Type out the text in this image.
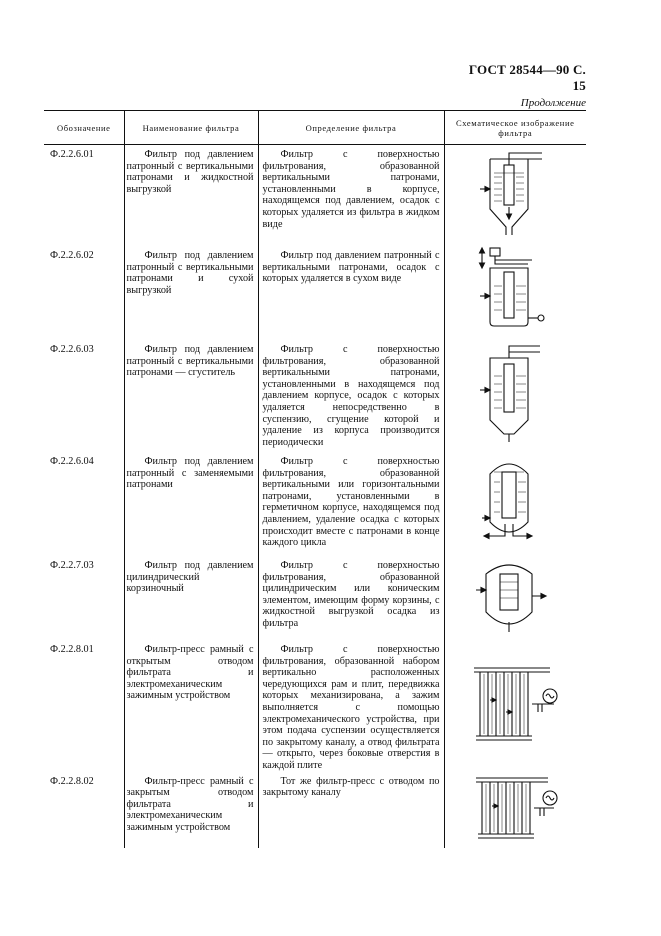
ГОСТ 28544—90 С. 15
Продолжение
Обозначение	Наименование фильтра	Определение фильтра	Схематическое изображение фильтра
Ф.2.2.6.01	Фильтр под давлением патронный с вертикальными патронами и жидкостной выгрузкой	Фильтр с поверхностью фильтрования, образованной вертикальными патронами, установленными в корпусе, находящемся под давлением, осадок с которых удаляется из фильтра в жидком виде	

Ф.2.2.6.02	Фильтр под давлением патронный с вертикальными патронами и сухой выгрузкой	Фильтр под давлением патронный с вертикальными патронами, осадок с которых удаляется в сухом виде	

Ф.2.2.6.03	Фильтр под давлением патронный с вертикальными патронами — сгуститель	Фильтр с поверхностью фильтрования, образованной вертикальными патронами, установленными в находящемся под давлением корпусе, осадок с которых удаляется непосредственно в суспензию, сгущение которой и удаление из корпуса производится периодически	

Ф.2.2.6.04	Фильтр под давлением патронный с заменяемыми патронами	Фильтр с поверхностью фильтрования, образованной вертикальными или горизонтальными патронами, установленными в герметичном корпусе, находящемся под давлением, удаление осадка с которых происходит вместе с патронами в конце каждого цикла	

Ф.2.2.7.03	Фильтр под давлением цилиндрический корзиночный	Фильтр с поверхностью фильтрования, образованной цилиндрическим или коническим элементом, имеющим форму корзины, с жидкостной выгрузкой осадка из фильтра	

Ф.2.2.8.01	Фильтр-пресс рамный с открытым отводом фильтрата и электромеханическим зажимным устройством	Фильтр с поверхностью фильтрования, образованной набором вертикально расположенных чередующихся рам и плит, передвижка которых механизирована, а зажим выполняется с помощью электромеханического устройства, при этом подача суспензии осуществляется по закрытому каналу, а отвод фильтрата — открыто, через боковые отверстия в каждой плите	

Ф.2.2.8.02	Фильтр-пресс рамный с закрытым отводом фильтрата и электромеханическим зажимным устройством	Тот же фильтр-пресс с отводом по закрытому каналу	
